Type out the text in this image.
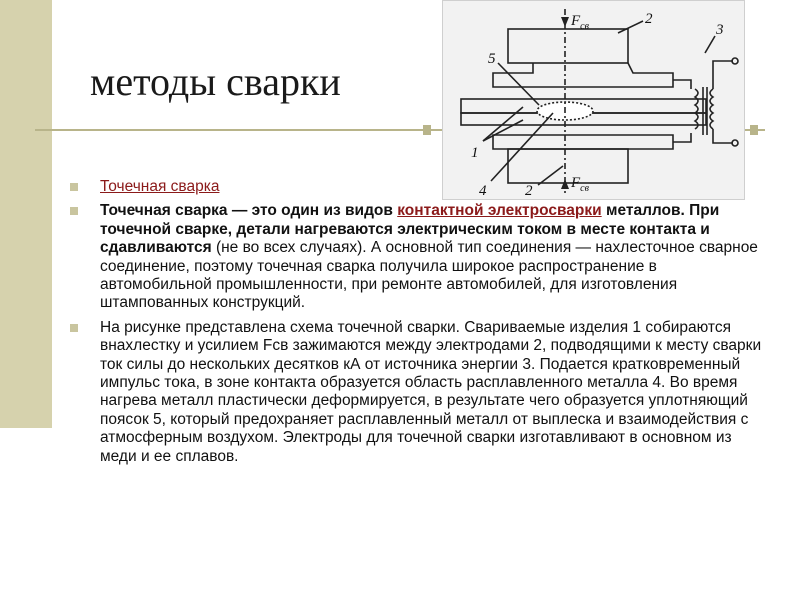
методы сварки
$F_{св}$
$F_{св}$
2
3
5
1
4	2
Точечная сварка
Точечная сварка — это один из видов контактной электросварки металлов. При точечной сварке, детали нагреваются электрическим током в месте контакта и сдавливаются (не во всех случаях). А основной тип соединения — нахлесточное сварное соединение, поэтому точечная сварка получила широкое распространение в автомобильной промышленности, при ремонте автомобилей, для изготовления штампованных конструкций.
На рисунке представлена схема точечной сварки. Свариваемые изделия 1 собираются внахлестку и усилием Fсв зажимаются между электродами 2, подводящими к месту сварки ток силы до нескольких десятков кА от источника энергии 3. Подается кратковременный импульс тока, в зоне контакта образуется область расплавленного металла 4. Во время нагрева металл пластически деформируется, в результате чего образуется уплотняющий поясок 5, который предохраняет расплавленный металл от выплеска и взаимодействия с атмосферным воздухом. Электроды для точечной сварки изготавливают в основном из меди и ее сплавов.
